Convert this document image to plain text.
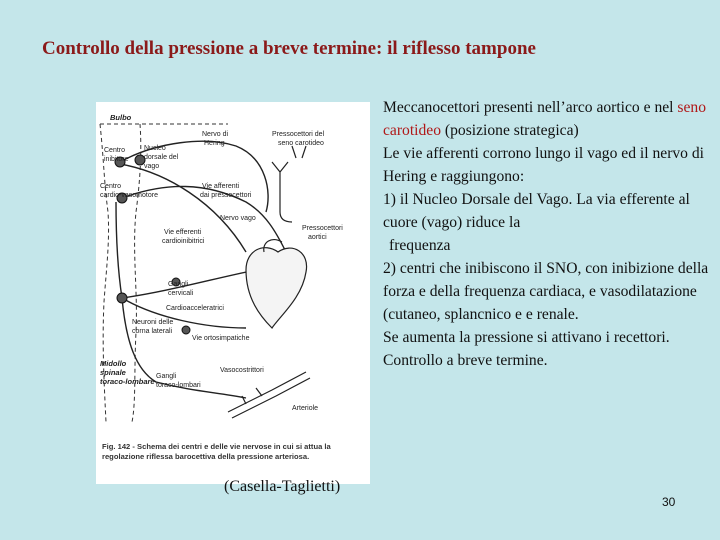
Controllo della pressione a breve termine: il riflesso tampone
Bulbo
Centro
inibitore
Nucleo
dorsale del
vago
Centro
cardio-vasomotore
Nervo di
Hering
Pressocettori del
seno carotideo
Vie afferenti
dai pressocettori
Nervo vago
Pressocettori
aortici
Vie efferenti
cardioinibitrici
Gangli
cervicali
Cardioacceleratrici
Neuroni delle
corna laterali
Vie ortosimpatiche
Midollo
spinale
toraco-lombare
Gangli
toraco-lombari
Vasocostrittori
Arteriole
Fig. 142 - Schema dei centri e delle vie nervose in cui si attua la regolazione riflessa barocettiva della pressione arteriosa.
(Casella-Taglietti)

Meccanocettori presenti nell’arco aortico e nel seno carotideo (posizione strategica)

Le vie afferenti corrono lungo il vago ed il nervo di Hering e raggiungono:

1) il Nucleo Dorsale del Vago. La via efferente al cuore (vago) riduce la

frequenza

2) centri che inibiscono il SNO, con inibizione della forza e della frequenza cardiaca, e vasodilatazione (cutaneo, splancnico e e renale.

Se aumenta la pressione si attivano i recettori.

Controllo a breve termine.

30
